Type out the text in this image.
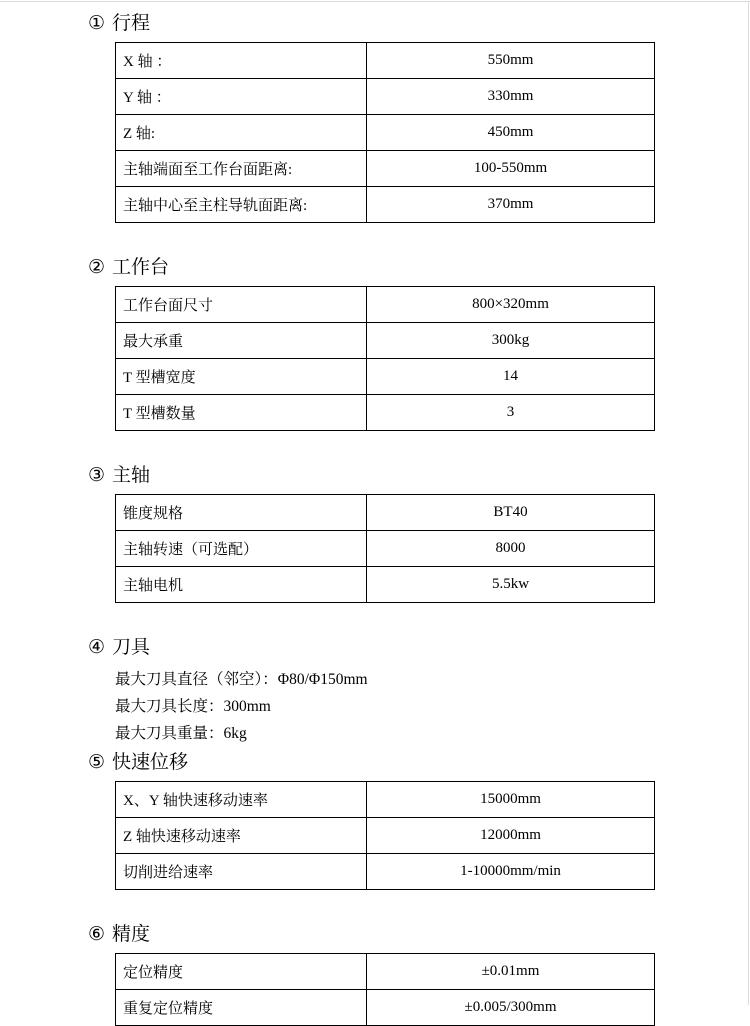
① 行程
X 轴 ：	550mm
Y 轴 ：	330mm
Z 轴:	450mm
主轴端面至工作台面距离:	100-550mm
主轴中心至主柱导轨面距离:	370mm
② 工作台
工作台面尺寸	800×320mm
最大承重	300kg
T 型槽宽度	14
T 型槽数量	3
③ 主轴
锥度规格	BT40
主轴转速（可选配）	8000
主轴电机	5.5kw
④ 刀具
最大刀具直径（邻空）：Φ80/Φ150mm
最大刀具长度：300mm
最大刀具重量：6kg
⑤ 快速位移
X、Y 轴快速移动速率	15000mm
Z 轴快速移动速率	12000mm
切削进给速率	1-10000mm/min
⑥ 精度
定位精度	±0.01mm
重复定位精度	±0.005/300mm
